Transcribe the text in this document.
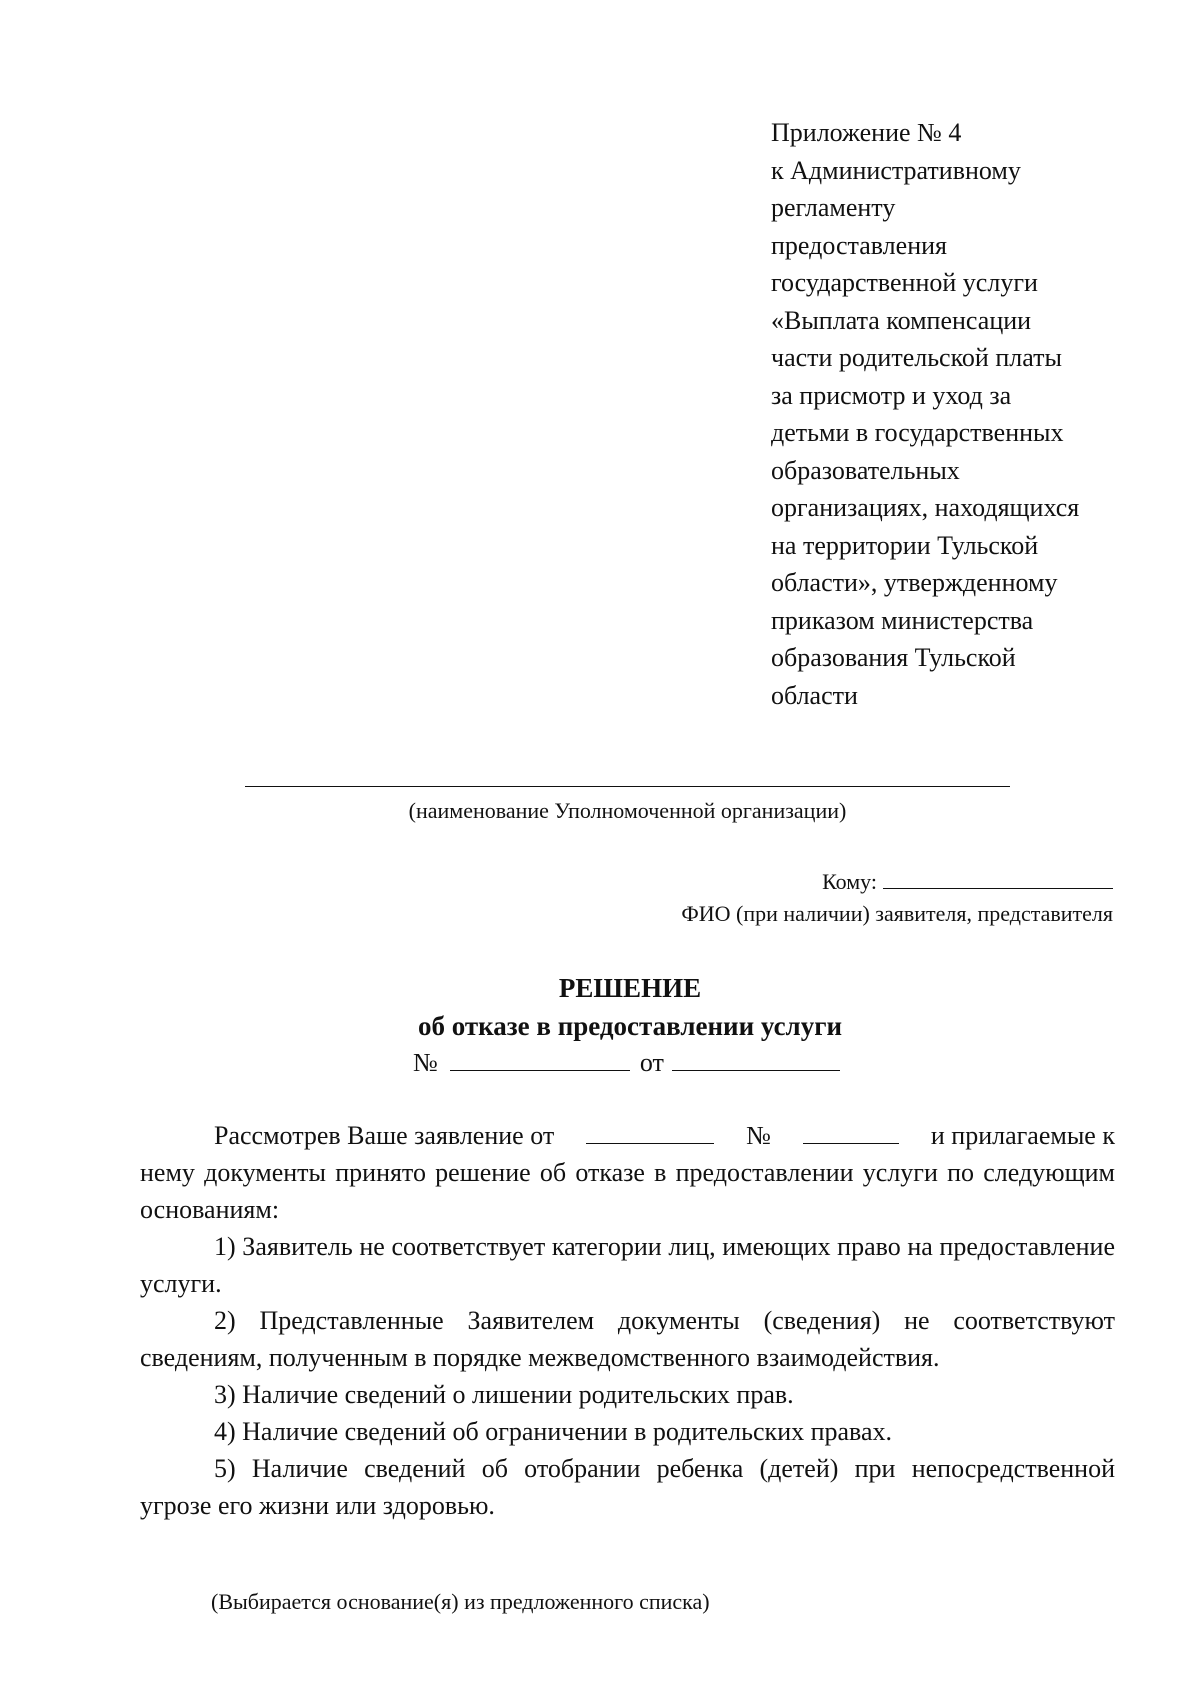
Приложение № 4
к Административному
регламенту
предоставления
государственной услуги
«Выплата компенсации
части родительской платы
за присмотр и уход за
детьми в государственных
образовательных
организациях, находящихся
на территории Тульской
области», утвержденному
приказом министерства
образования Тульской
области
(наименование Уполномоченной организации)
Кому:
ФИО (при наличии) заявителя, представителя
РЕШЕНИЕ
об отказе в предоставлении услуги
№	от
Рассмотрев Ваше заявление от	№	и прилагаемые к

нему документы принято решение об отказе в предоставлении услуги по следующим основаниям:

1) Заявитель не соответствует категории лиц, имеющих право на предоставление услуги.

2) Представленные Заявителем документы (сведения) не соответствуют сведениям, полученным в порядке межведомственного взаимодействия.

3) Наличие сведений о лишении родительских прав.

4) Наличие сведений об ограничении в родительских правах.

5) Наличие сведений об отобрании ребенка (детей) при непосредственной угрозе его жизни или здоровью.

(Выбирается основание(я) из предложенного списка)
